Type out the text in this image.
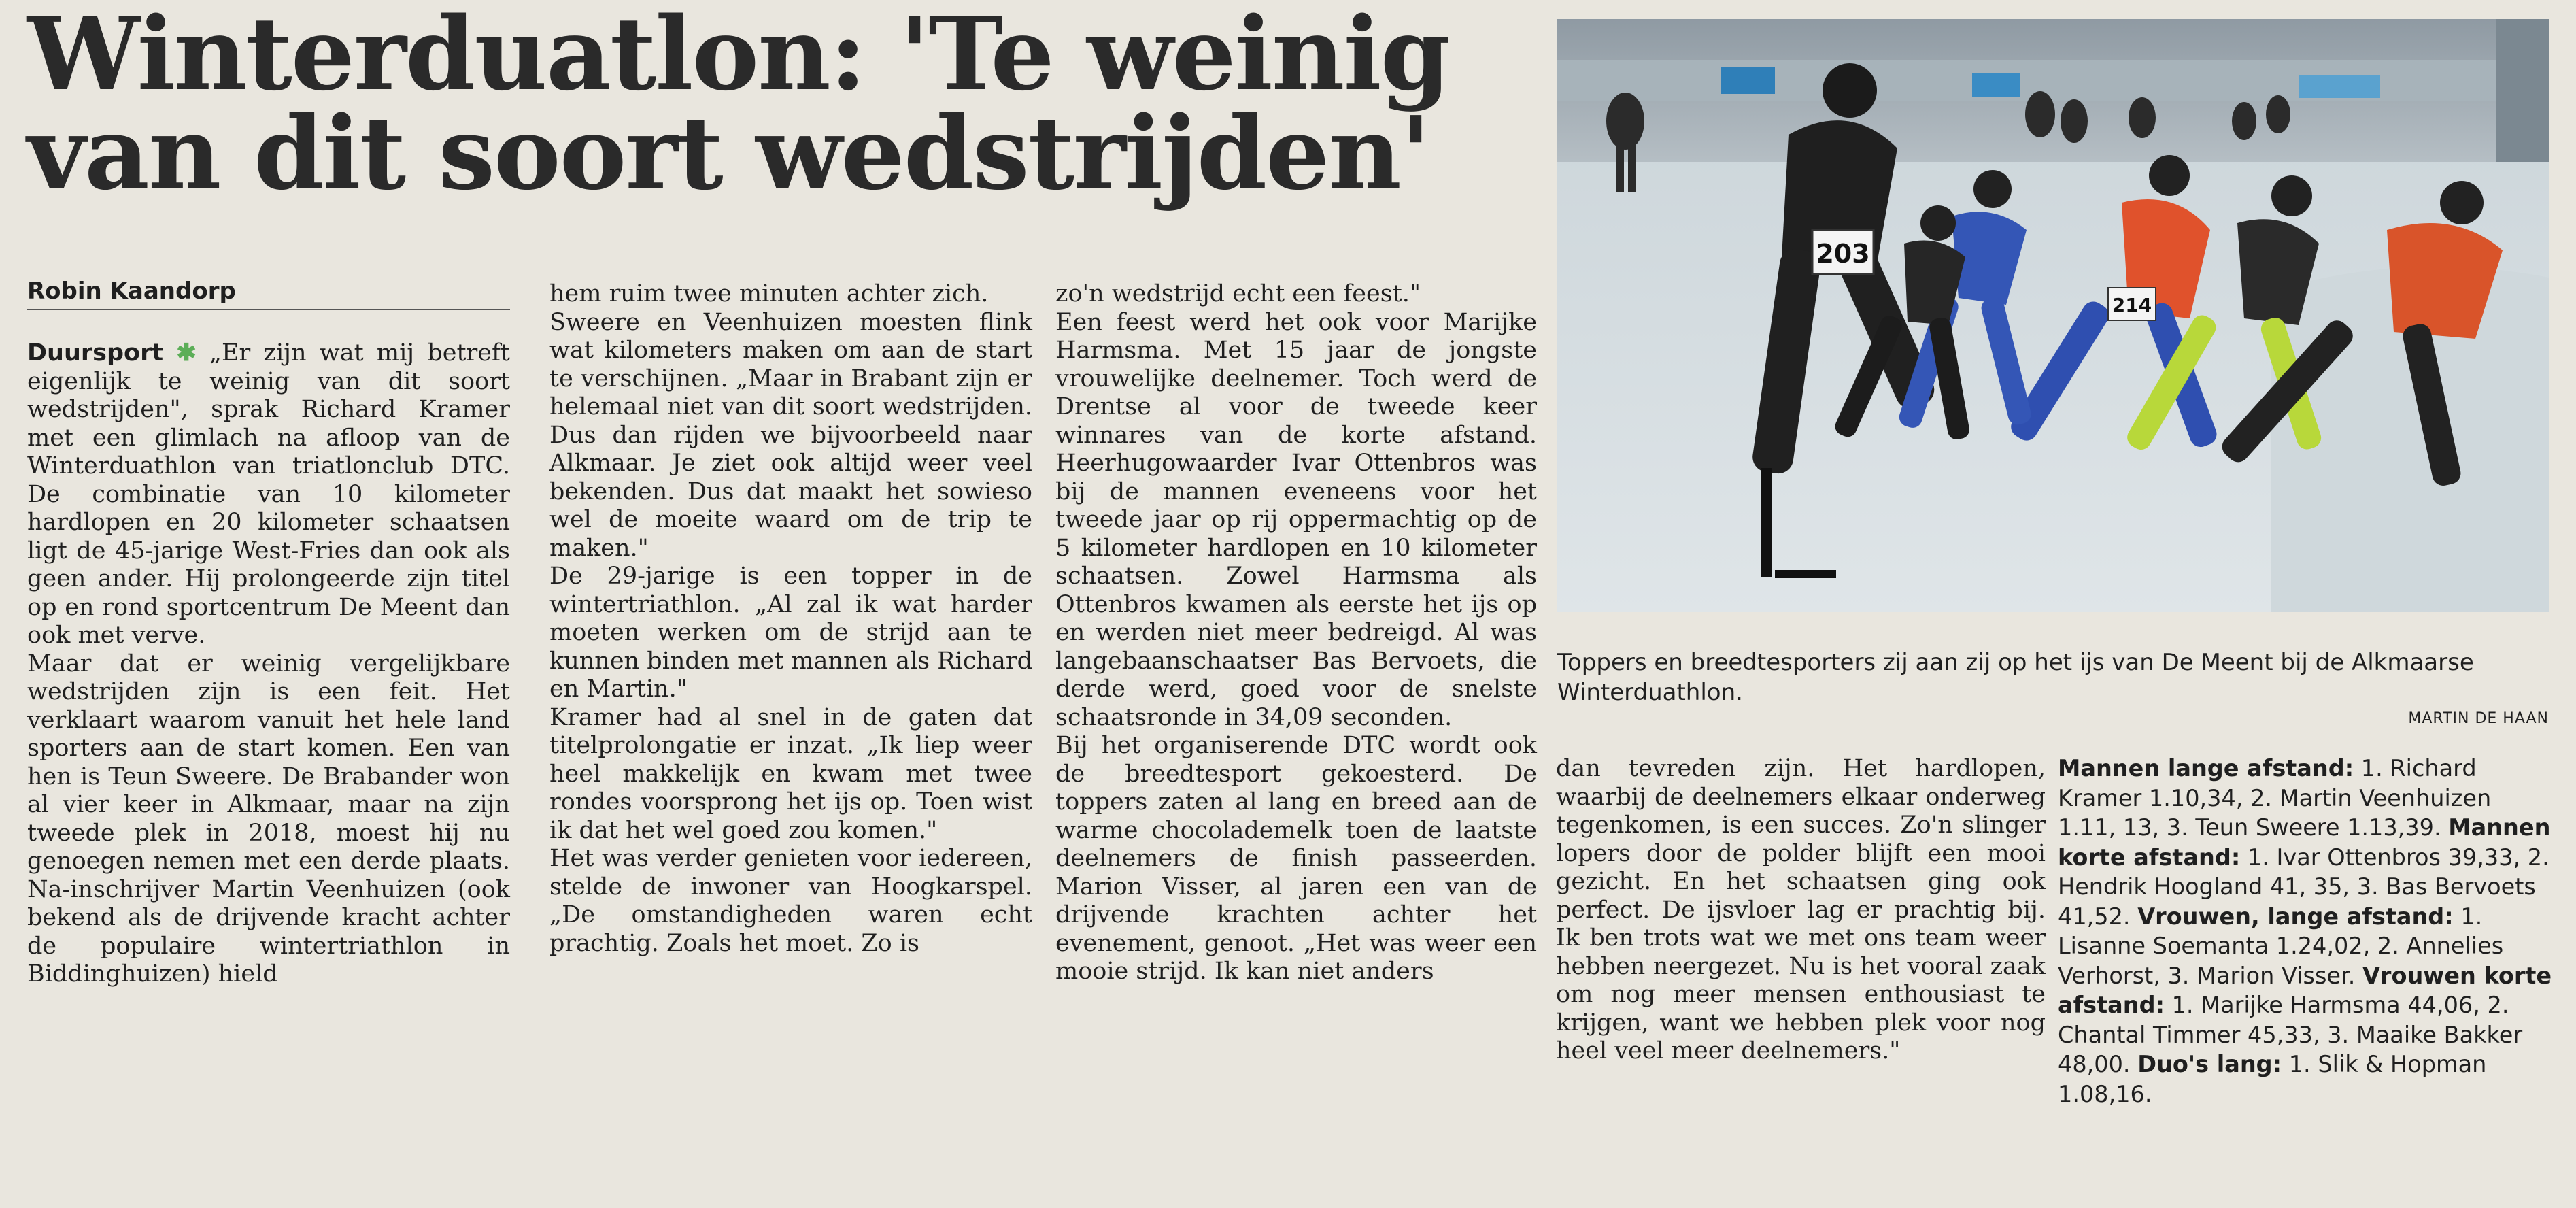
Winterduatlon: 'Te weinig
van dit soort wedstrijden'
Robin Kaandorp

Duursport ✱ „Er zijn wat mij betreft eigenlijk te weinig van dit soort wedstrijden", sprak Richard Kramer met een glimlach na afloop van de Winterduathlon van triatlonclub DTC. De combinatie van 10 kilometer hardlopen en 20 kilometer schaatsen ligt de 45-jarige West-Fries dan ook als geen ander. Hij prolongeerde zijn titel op en rond sportcentrum De Meent dan ook met verve.

Maar dat er weinig vergelijkbare wedstrijden zijn is een feit. Het verklaart waarom vanuit het hele land sporters aan de start komen. Een van hen is Teun Sweere. De Brabander won al vier keer in Alkmaar, maar na zijn tweede plek in 2018, moest hij nu genoegen nemen met een derde plaats. Na-inschrijver Martin Veenhuizen (ook bekend als de drijvende kracht achter de populaire wintertriathlon in Biddinghuizen) hield

hem ruim twee minuten achter zich.

Sweere en Veenhuizen moesten flink wat kilometers maken om aan de start te verschijnen. „Maar in Brabant zijn er helemaal niet van dit soort wedstrijden. Dus dan rijden we bijvoorbeeld naar Alkmaar. Je ziet ook altijd weer veel bekenden. Dus dat maakt het sowieso wel de moeite waard om de trip te maken."

De 29-jarige is een topper in de wintertriathlon. „Al zal ik wat harder moeten werken om de strijd aan te kunnen binden met mannen als Richard en Martin."

Kramer had al snel in de gaten dat titelprolongatie er inzat. „Ik liep weer heel makkelijk en kwam met twee rondes voorsprong het ijs op. Toen wist ik dat het wel goed zou komen."

Het was verder genieten voor iedereen, stelde de inwoner van Hoogkarspel. „De omstandigheden waren echt prachtig. Zoals het moet. Zo is

zo'n wedstrijd echt een feest."

Een feest werd het ook voor Marijke Harmsma. Met 15 jaar de jongste vrouwelijke deelnemer. Toch werd de Drentse al voor de tweede keer winnares van de korte afstand. Heerhugowaarder Ivar Ottenbros was bij de mannen eveneens voor het tweede jaar op rij oppermachtig op de 5 kilometer hardlopen en 10 kilometer schaatsen. Zowel Harmsma als Ottenbros kwamen als eerste het ijs op en werden niet meer bedreigd. Al was langebaanschaatser Bas Bervoets, die derde werd, goed voor de snelste schaatsronde in 34,09 seconden.

Bij het organiserende DTC wordt ook de breedtesport gekoesterd. De toppers zaten al lang en breed aan de warme chocolademelk toen de laatste deelnemers de finish passeerden. Marion Visser, al jaren een van de drijvende krachten achter het evenement, genoot. „Het was weer een mooie strijd. Ik kan niet anders

203
214
Toppers en breedtesporters zij aan zij op het ijs van De Meent bij de Alkmaarse Winterduathlon.
MARTIN DE HAAN

dan tevreden zijn. Het hardlopen, waarbij de deelnemers elkaar onderweg tegenkomen, is een succes. Zo'n slinger lopers door de polder blijft een mooi gezicht. En het schaatsen ging ook perfect. De ijsvloer lag er prachtig bij. Ik ben trots wat we met ons team weer hebben neergezet. Nu is het vooral zaak om nog meer mensen enthousiast te krijgen, want we hebben plek voor nog heel veel meer deelnemers."

Mannen lange afstand: 1. Richard Kramer 1.10,34, 2. Martin Veenhuizen 1.11, 13, 3. Teun Sweere 1.13,39. Mannen korte afstand: 1. Ivar Ottenbros 39,33, 2. Hendrik Hoogland 41, 35, 3. Bas Bervoets 41,52. Vrouwen, lange afstand: 1. Lisanne Soemanta 1.24,02, 2. Annelies Verhorst, 3. Marion Visser. Vrouwen korte afstand: 1. Marijke Harmsma 44,06, 2. Chantal Timmer 45,33, 3. Maaike Bakker 48,00. Duo's lang: 1. Slik & Hopman 1.08,16.
